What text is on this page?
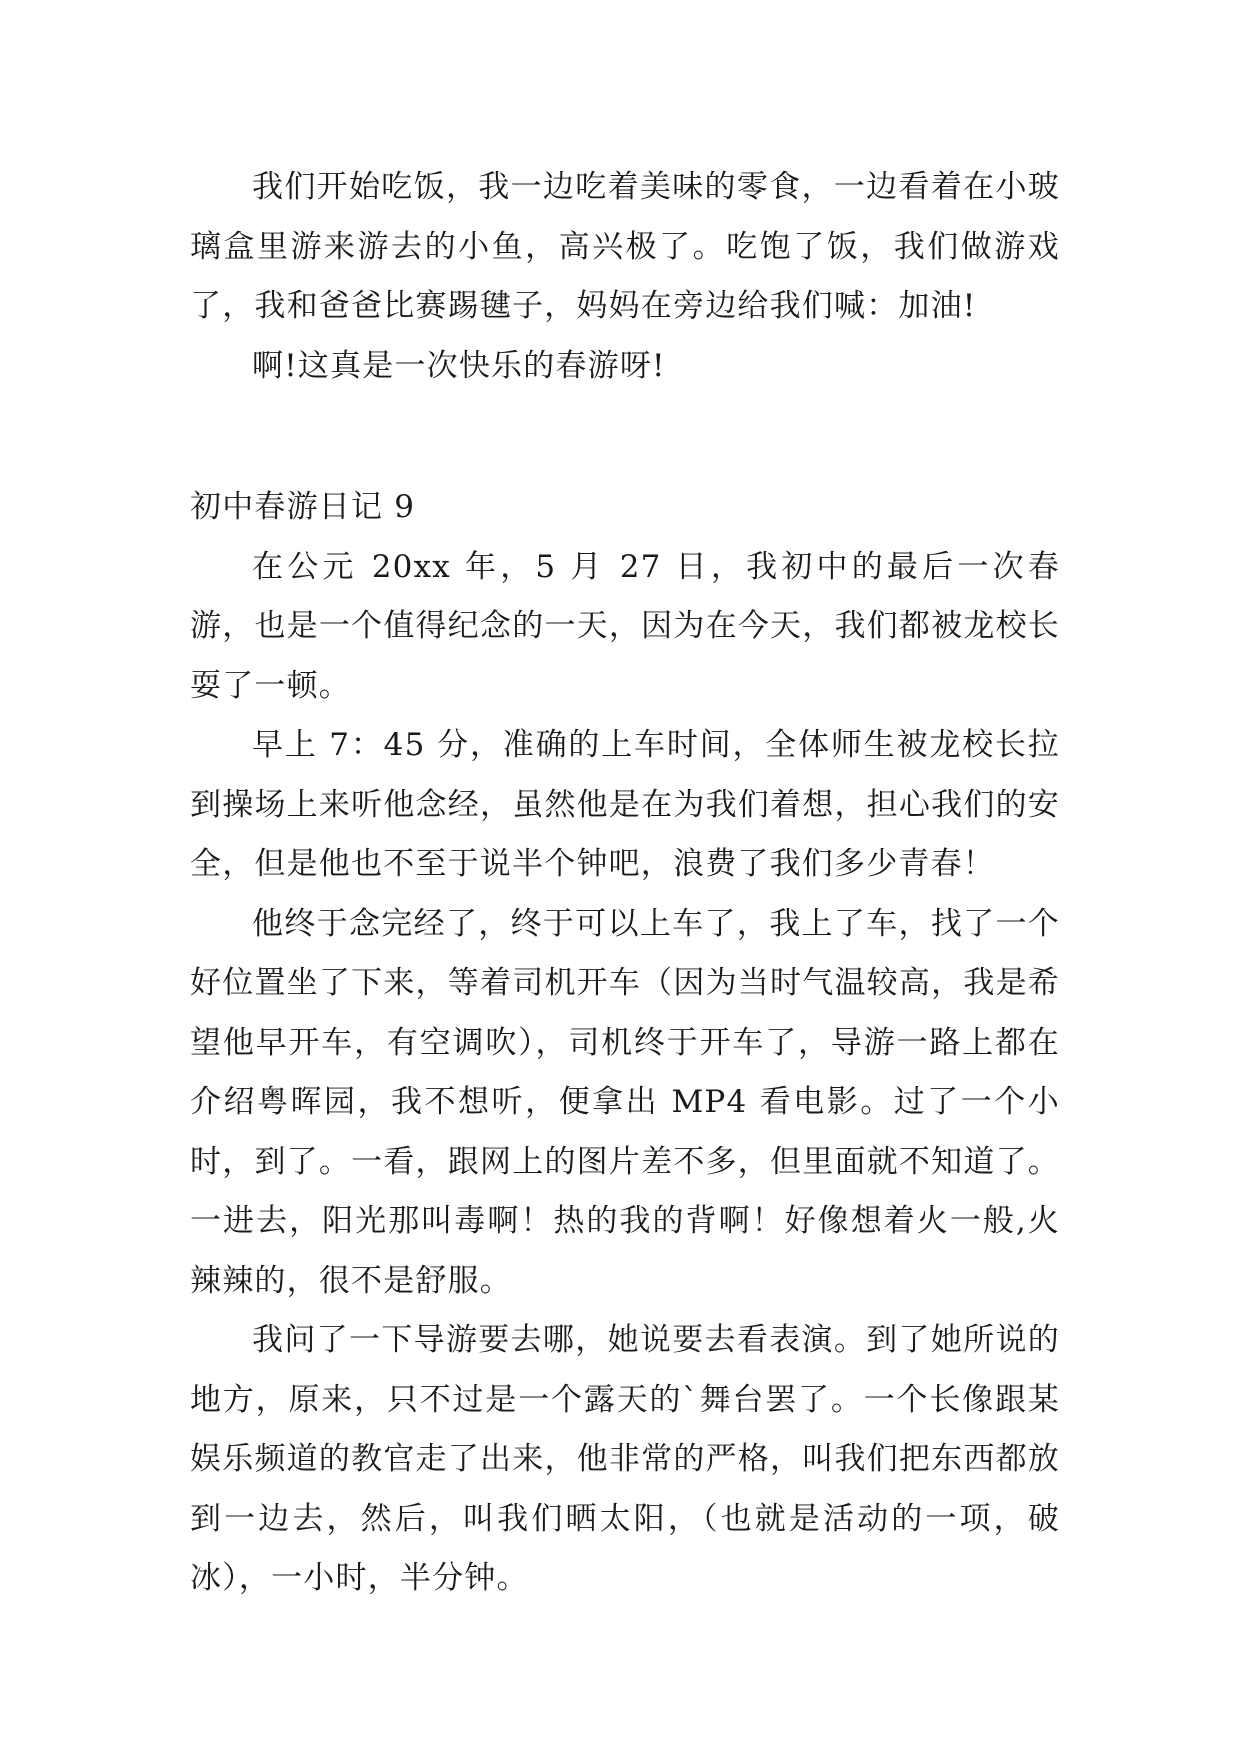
我们开始吃饭，我一边吃着美味的零食，一边看着在小玻璃盒里游来游去的小鱼，高兴极了。吃饱了饭，我们做游戏了，我和爸爸比赛踢毽子，妈妈在旁边给我们喊：加油!

啊!这真是一次快乐的春游呀!

初中春游日记 9

在公元 20xx 年，5 月 27 日，我初中的最后一次春游，也是一个值得纪念的一天，因为在今天，我们都被龙校长耍了一顿。

早上 7：45 分，准确的上车时间，全体师生被龙校长拉到操场上来听他念经，虽然他是在为我们着想，担心我们的安全，但是他也不至于说半个钟吧，浪费了我们多少青春！

他终于念完经了，终于可以上车了，我上了车，找了一个好位置坐了下来，等着司机开车（因为当时气温较高，我是希望他早开车，有空调吹），司机终于开车了，导游一路上都在介绍粤晖园，我不想听，便拿出 MP4 看电影。过了一个小时，到了。一看，跟网上的图片差不多，但里面就不知道了。一进去，阳光那叫毒啊！热的我的背啊！好像想着火一般,火辣辣的，很不是舒服。

我问了一下导游要去哪，她说要去看表演。到了她所说的地方，原来，只不过是一个露天的`舞台罢了。一个长像跟某娱乐频道的教官走了出来，他非常的严格，叫我们把东西都放到一边去，然后，叫我们晒太阳，（也就是活动的一项，破冰），一小时，半分钟。
